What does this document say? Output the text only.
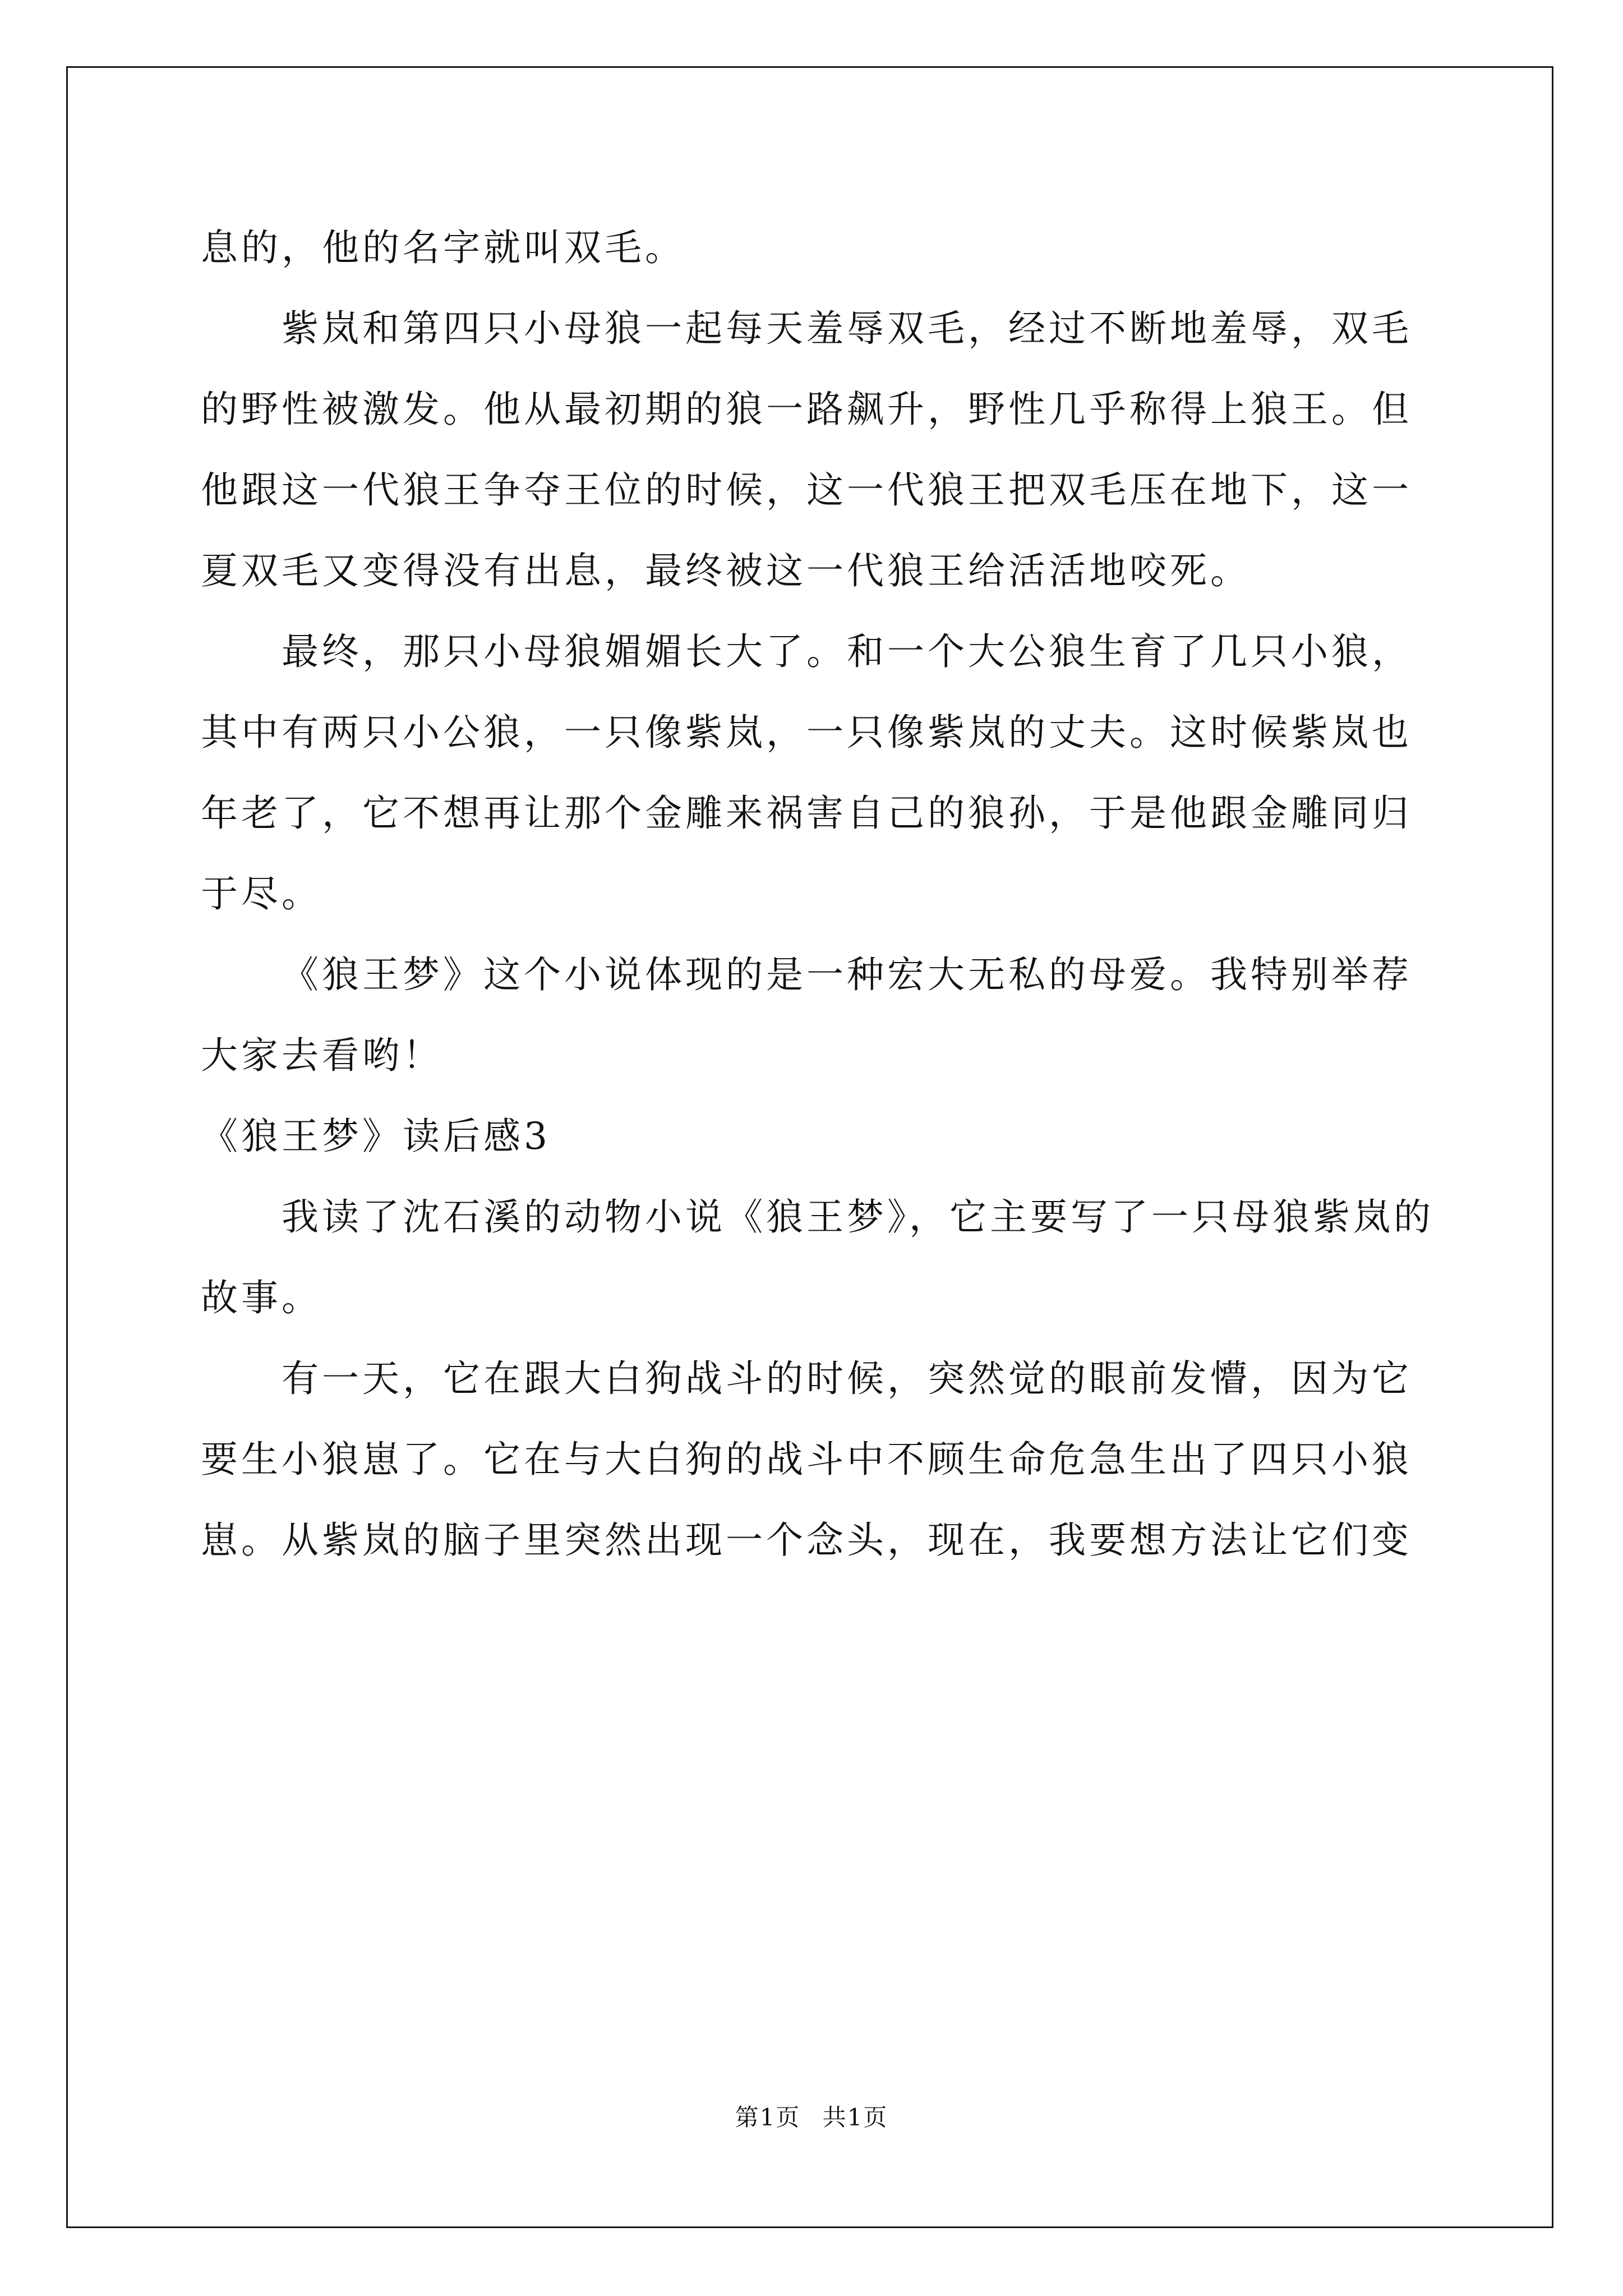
息的，他的名字就叫双毛。
紫岚和第四只小母狼一起每天羞辱双毛，经过不断地羞辱，双毛
的野性被激发。他从最初期的狼一路飙升，野性几乎称得上狼王。但
他跟这一代狼王争夺王位的时候，这一代狼王把双毛压在地下，这一
夏双毛又变得没有出息，最终被这一代狼王给活活地咬死。
最终，那只小母狼媚媚长大了。和一个大公狼生育了几只小狼，
其中有两只小公狼，一只像紫岚，一只像紫岚的丈夫。这时候紫岚也
年老了，它不想再让那个金雕来祸害自己的狼孙，于是他跟金雕同归
于尽。
《狼王梦》这个小说体现的是一种宏大无私的母爱。我特别举荐
大家去看哟！
《狼王梦》读后感3
我读了沈石溪的动物小说《狼王梦》，它主要写了一只母狼紫岚的
故事。
有一天，它在跟大白狗战斗的时候，突然觉的眼前发懵，因为它
要生小狼崽了。它在与大白狗的战斗中不顾生命危急生出了四只小狼
崽。从紫岚的脑子里突然出现一个念头，现在，我要想方法让它们变
第1页 共1页
